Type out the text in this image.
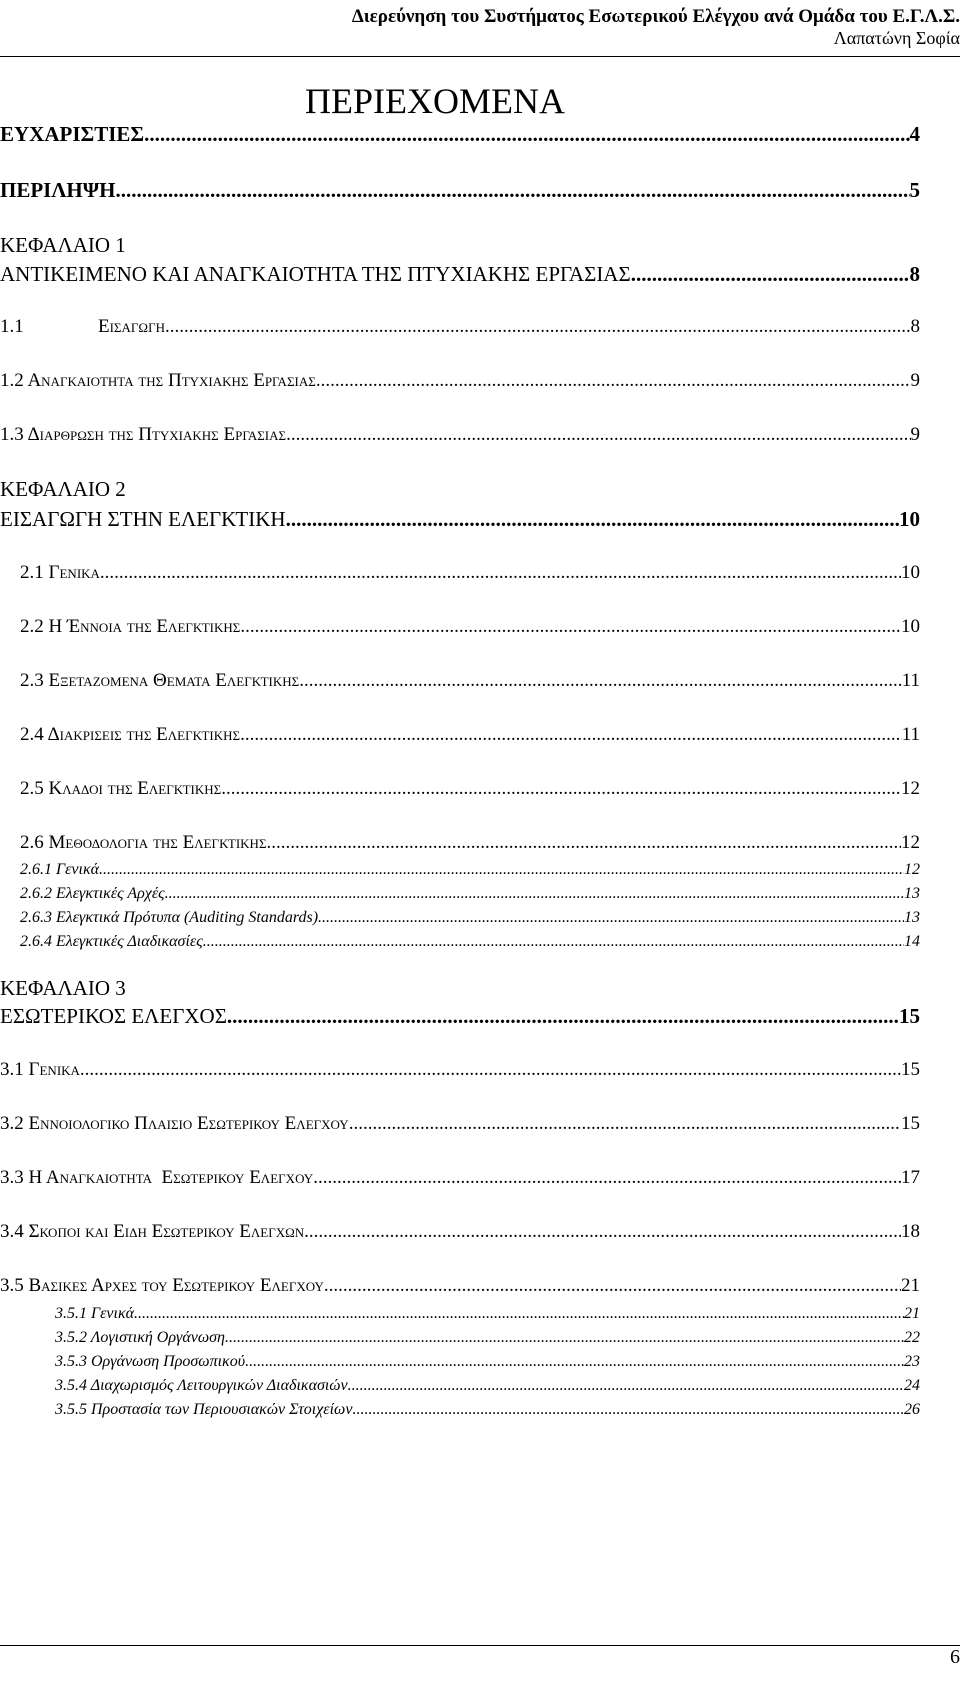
Διερεύνηση του Συστήματος Εσωτερικού Ελέγχου ανά Ομάδα του Ε.Γ.Λ.Σ.
Λαπατώνη Σοφία
ΠΕΡΙΕΧΟΜΕΝΑ
ΕΥΧΑΡΙΣΤΙΕΣ .....	4
ΠΕΡΙΛΗΨΗ .....	5
ΚΕΦΑΛΑΙΟ 1
ΑΝΤΙΚΕΙΜΕΝΟ ΚΑΙ ΑΝΑΓΚΑΙΟΤΗΤΑ ΤΗΣ ΠΤΥΧΙΑΚΗΣ ΕΡΓΑΣΙΑΣ .....	8
1.1	Εισαγωγη .....	8
1.2 Αναγκαιοτητα της Πτυχιακης Εργασιας .....	9
1.3 Διαρθρωση της Πτυχιακης Εργασιας .....	9
ΚΕΦΑΛΑΙΟ 2
ΕΙΣΑΓΩΓΗ ΣΤΗΝ ΕΛΕΓΚΤΙΚΗ .....	10
2.1 Γενικα .....	10
2.2 Η Έννοια της Ελεγκτικης .....	10
2.3 Εξεταζομενα Θεματα Ελεγκτικης .....	11
2.4 Διακρισεις της Ελεγκτικης .....	11
2.5 Κλαδοι της Ελεγκτικης .....	12
2.6 Μεθοδολογια της Ελεγκτικης .....	12
2.6.1 Γενικά .....	12
2.6.2 Ελεγκτικές Αρχές .....	13
2.6.3 Ελεγκτικά Πρότυπα (Auditing Standards) .....	13
2.6.4 Ελεγκτικές Διαδικασίες .....	14
ΚΕΦΑΛΑΙΟ 3
ΕΣΩΤΕΡΙΚΟΣ ΕΛΕΓΧΟΣ .....	15
3.1 Γενικα .....	15
3.2 Εννοιολογικο Πλαισιο Εσωτερικου Ελεγχου .....	15
3.3 Η Αναγκαιοτητα  Εσωτερικου Ελεγχου .....	17
3.4 Σκοποι και Ειδη Εσωτερικου Ελεγχων .....	18
3.5 Βασικες Αρχες του Εσωτερικου Ελεγχου .....	21
3.5.1 Γενικά .....	21
3.5.2 Λογιστική Οργάνωση .....	22
3.5.3 Οργάνωση Προσωπικού .....	23
3.5.4 Διαχωρισμός Λειτουργικών Διαδικασιών .....	24
3.5.5 Προστασία των Περιουσιακών Στοιχείων .....	26
6
